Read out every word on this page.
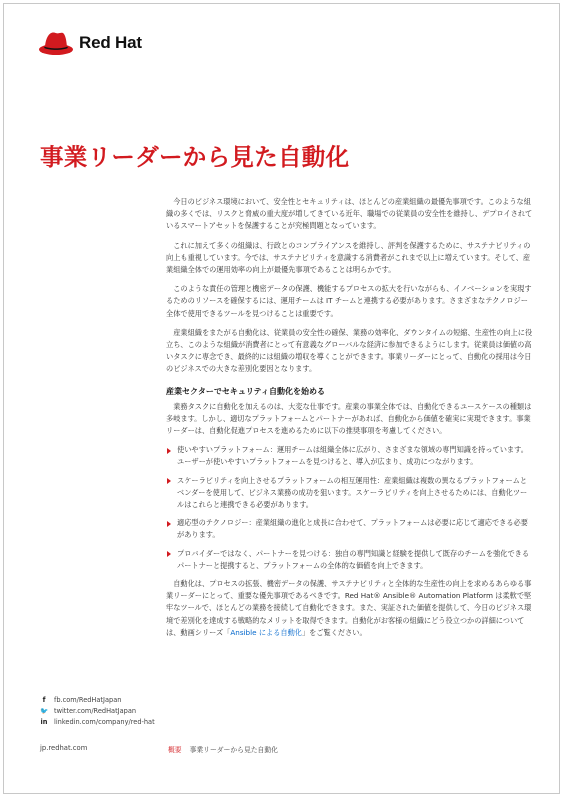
Red Hat
事業リーダーから見た自動化

今日のビジネス環境において、安全性とセキュリティは、ほとんどの産業組織の最優先事項です。このような組織の多くでは、リスクと脅威の重大度が増してきている近年、職場での従業員の安全性を維持し、デプロイされているスマートアセットを保護することが究極問題となっています。

これに加えて多くの組織は、行政とのコンプライアンスを維持し、評判を保護するために、サステナビリティの向上も重視しています。今では、サステナビリティを意識する消費者がこれまで以上に増えています。そして、産業組織全体での運用効率の向上が最優先事項であることは明らかです。

このような責任の管理と機密データの保護、機能するプロセスの拡大を行いながらも、イノベーションを実現するためのリソースを確保するには、運用チームは IT チームと連携する必要があります。さまざまなテクノロジー全体で使用できるツールを見つけることは重要です。

産業組織をまたがる自動化は、従業員の安全性の確保、業務の効率化、ダウンタイムの短縮、生産性の向上に役立ち、このような組織が消費者にとって有意義なグローバルな経済に参加できるようにします。従業員は価値の高いタスクに専念でき、最終的には組織の増収を導くことができます。事業リーダーにとって、自動化の採用は今日のビジネスでの大きな差別化要因となります。

産業セクターでセキュリティ自動化を始める

業務タスクに自動化を加えるのは、大変な仕事です。産業の事業全体では、自動化できるユースケースの種類は多岐ます。しかし、適切なプラットフォームとパートナーがあれば、自動化から価値を確実に実現できます。事業リーダーは、自動化促進プロセスを進めるために以下の推奨事項を考慮してください。

使いやすいプラットフォーム：運用チームは組織全体に広がり、さまざまな領域の専門知識を持っています。ユーザーが使いやすいプラットフォームを見つけると、導入が広まり、成功につながります。
スケーラビリティを向上させるプラットフォームの相互運用性：産業組織は複数の異なるプラットフォームとベンダーを使用して、ビジネス業務の成功を狙います。スケーラビリティを向上させるためには、自動化ツールはこれらと連携できる必要があります。
適応型のテクノロジー：産業組織の進化と成長に合わせて、プラットフォームは必要に応じて適応できる必要があります。
プロバイダーではなく、パートナーを見つける：独自の専門知識と経験を提供して既存のチームを強化できるパートナーと提携すると、プラットフォームの全体的な価値を向上できます。

自動化は、プロセスの拡張、機密データの保護、サステナビリティと全体的な生産性の向上を求めるあらゆる事業リーダーにとって、重要な優先事項であるべきです。Red Hat® Ansible® Automation Platform は柔軟で堅牢なツールで、ほとんどの業務を接続して自動化できます。また、実証された価値を提供して、今日のビジネス環境で差別化を達成する戦略的なメリットを取得できます。自動化がお客様の組織にどう役立つかの詳細については、動画シリーズ「Ansible による自動化」をご覧ください。

f	fb.com/RedHatJapan
🐦 twitter.com/RedHatJapan
in linkedin.com/company/red-hat
jp.redhat.com	概要 事業リーダーから見た自動化
